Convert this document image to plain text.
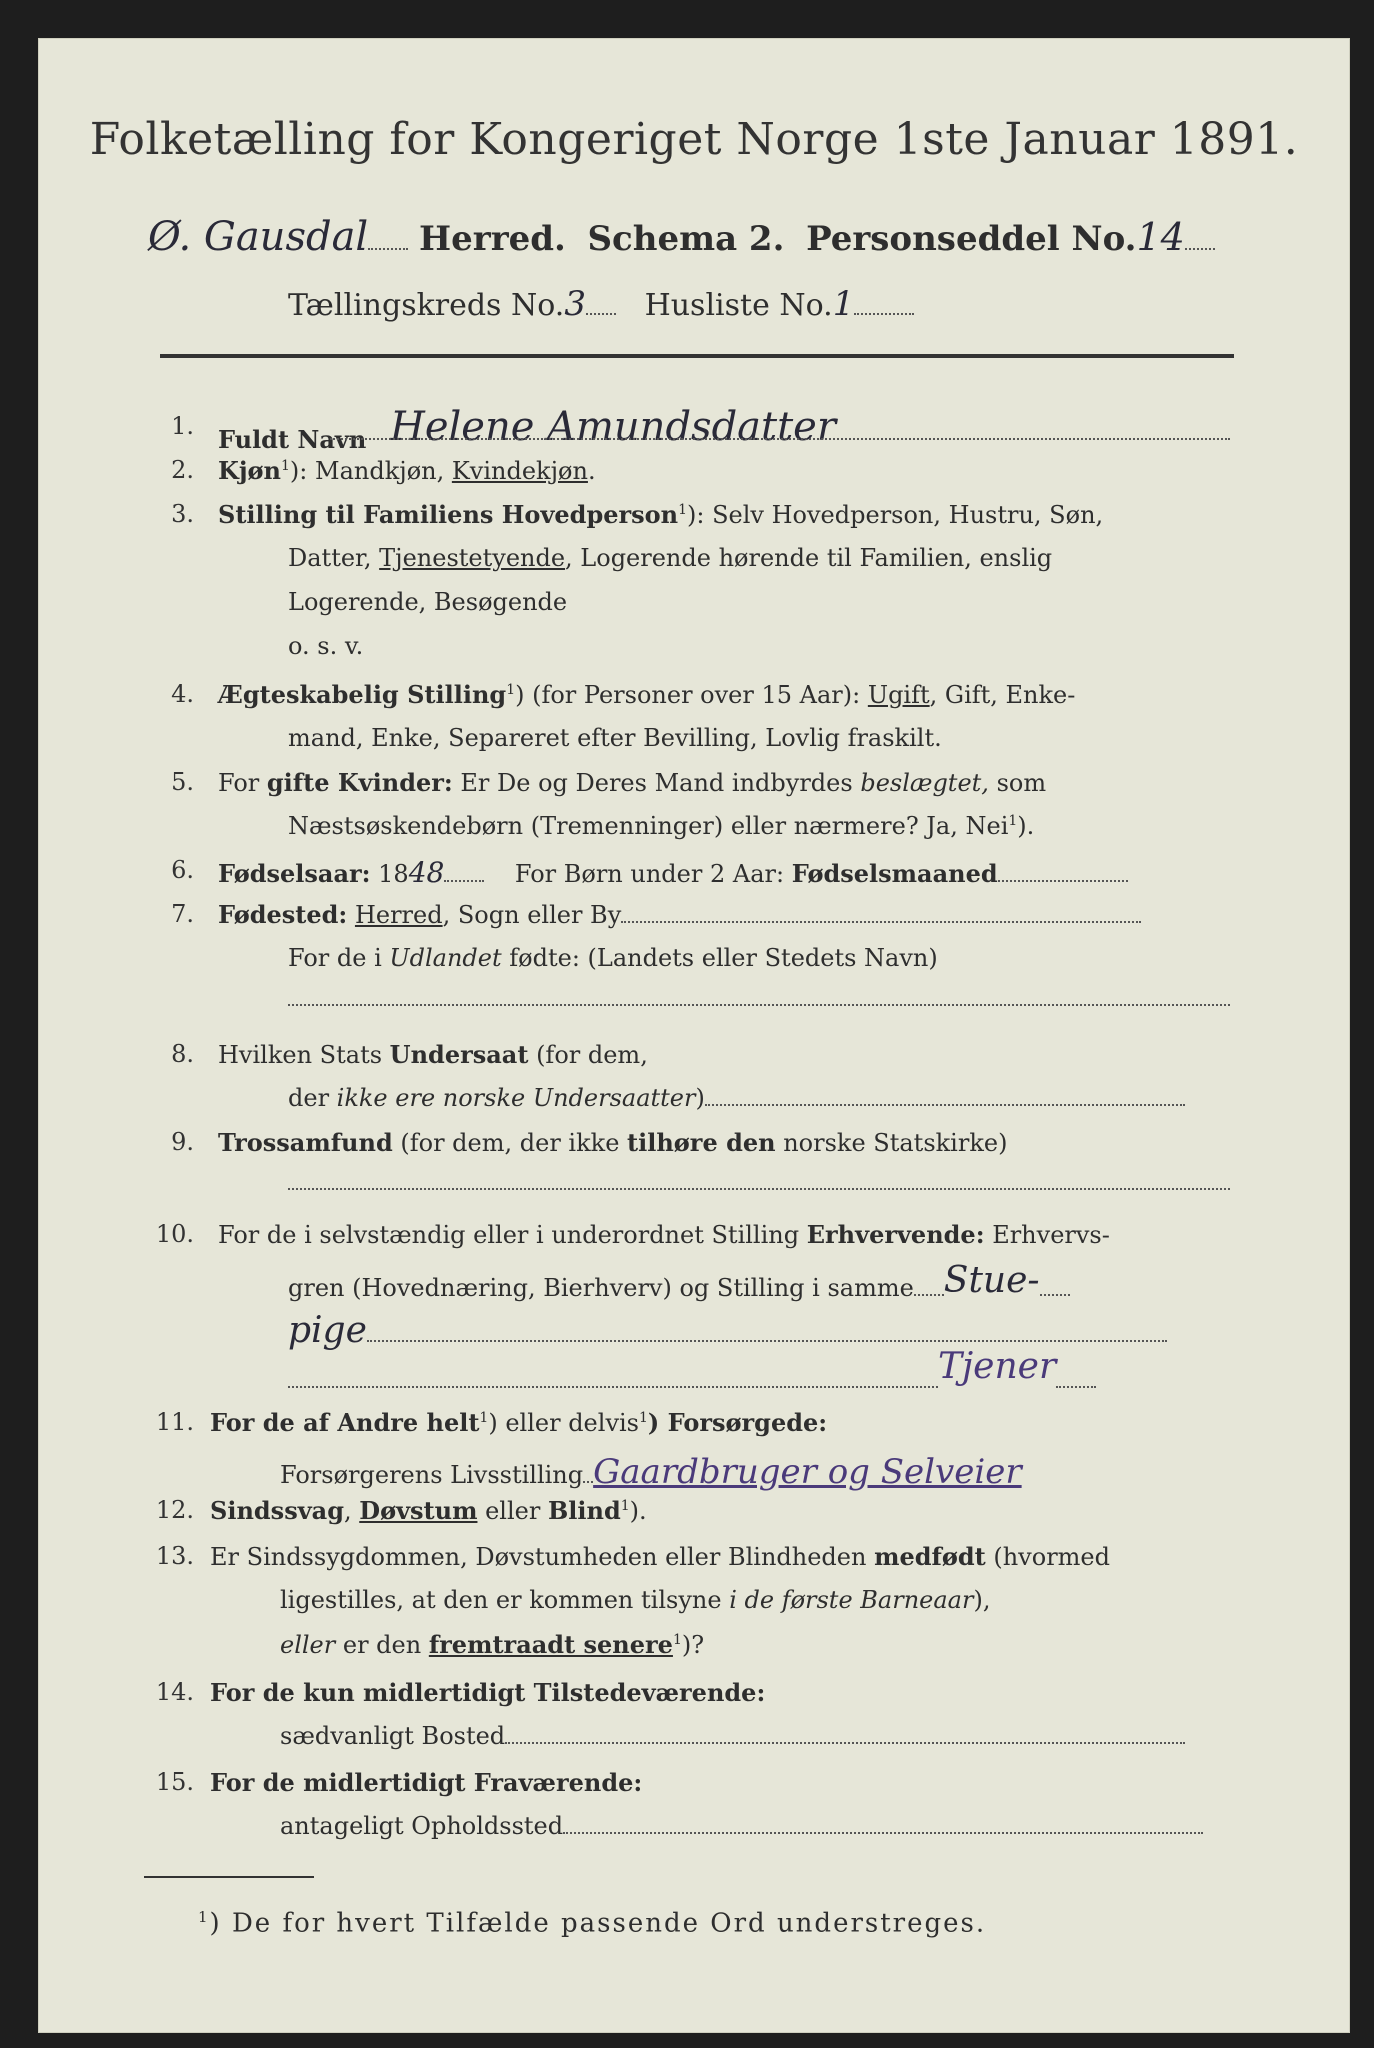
Folketælling for Kongeriget Norge 1ste Januar 1891.
Ø. Gausdal Herred. Schema 2. Personseddel No.14
Tællingskreds No.3 Husliste No.1
1. Fuldt Navn Helene Amundsdatter
2. Kjøn$^1$): Mandkjøn, Kvindekjøn.
3. Stilling til Familiens Hovedperson$^1$): Selv Hovedperson, Hustru, Søn,
Datter, Tjenestetyende, Logerende hørende til Familien, enslig
Logerende, Besøgende
o. s. v.
4. Ægteskabelig Stilling$^1$) (for Personer over 15 Aar): Ugift, Gift, Enke-
mand, Enke, Separeret efter Bevilling, Lovlig fraskilt.
5. For gifte Kvinder: Er De og Deres Mand indbyrdes beslægtet, som
Næstsøskendebørn (Tremenninger) eller nærmere? Ja, Nei$^1$).
6. Fødselsaar: 1848	For Børn under 2 Aar: Fødselsmaaned
7. Fødested: Herred, Sogn eller By
For de i Udlandet fødte: (Landets eller Stedets Navn)
8. Hvilken Stats Undersaat (for dem,
der ikke ere norske Undersaatter)
9. Trossamfund (for dem, der ikke tilhøre den norske Statskirke)
10. For de i selvstændig eller i underordnet Stilling Erhvervende: Erhvervs-
gren (Hovednæring, Bierhverv) og Stilling i samme Stue-
pige
Tjener
11. For de af Andre helt$^1$) eller delvis$^1$) Forsørgede:
Forsørgerens Livsstilling Gaardbruger og Selveier
12. Sindssvag, Døvstum eller Blind$^1$).
13. Er Sindssygdommen, Døvstumheden eller Blindheden medfødt (hvormed
ligestilles, at den er kommen tilsyne i de første Barneaar),
eller er den fremtraadt senere$^1$)?
14. For de kun midlertidigt Tilstedeværende:
sædvanligt Bosted
15. For de midlertidigt Fraværende:
antageligt Opholdssted
$^1$) De for hvert Tilfælde passende Ord understreges.
